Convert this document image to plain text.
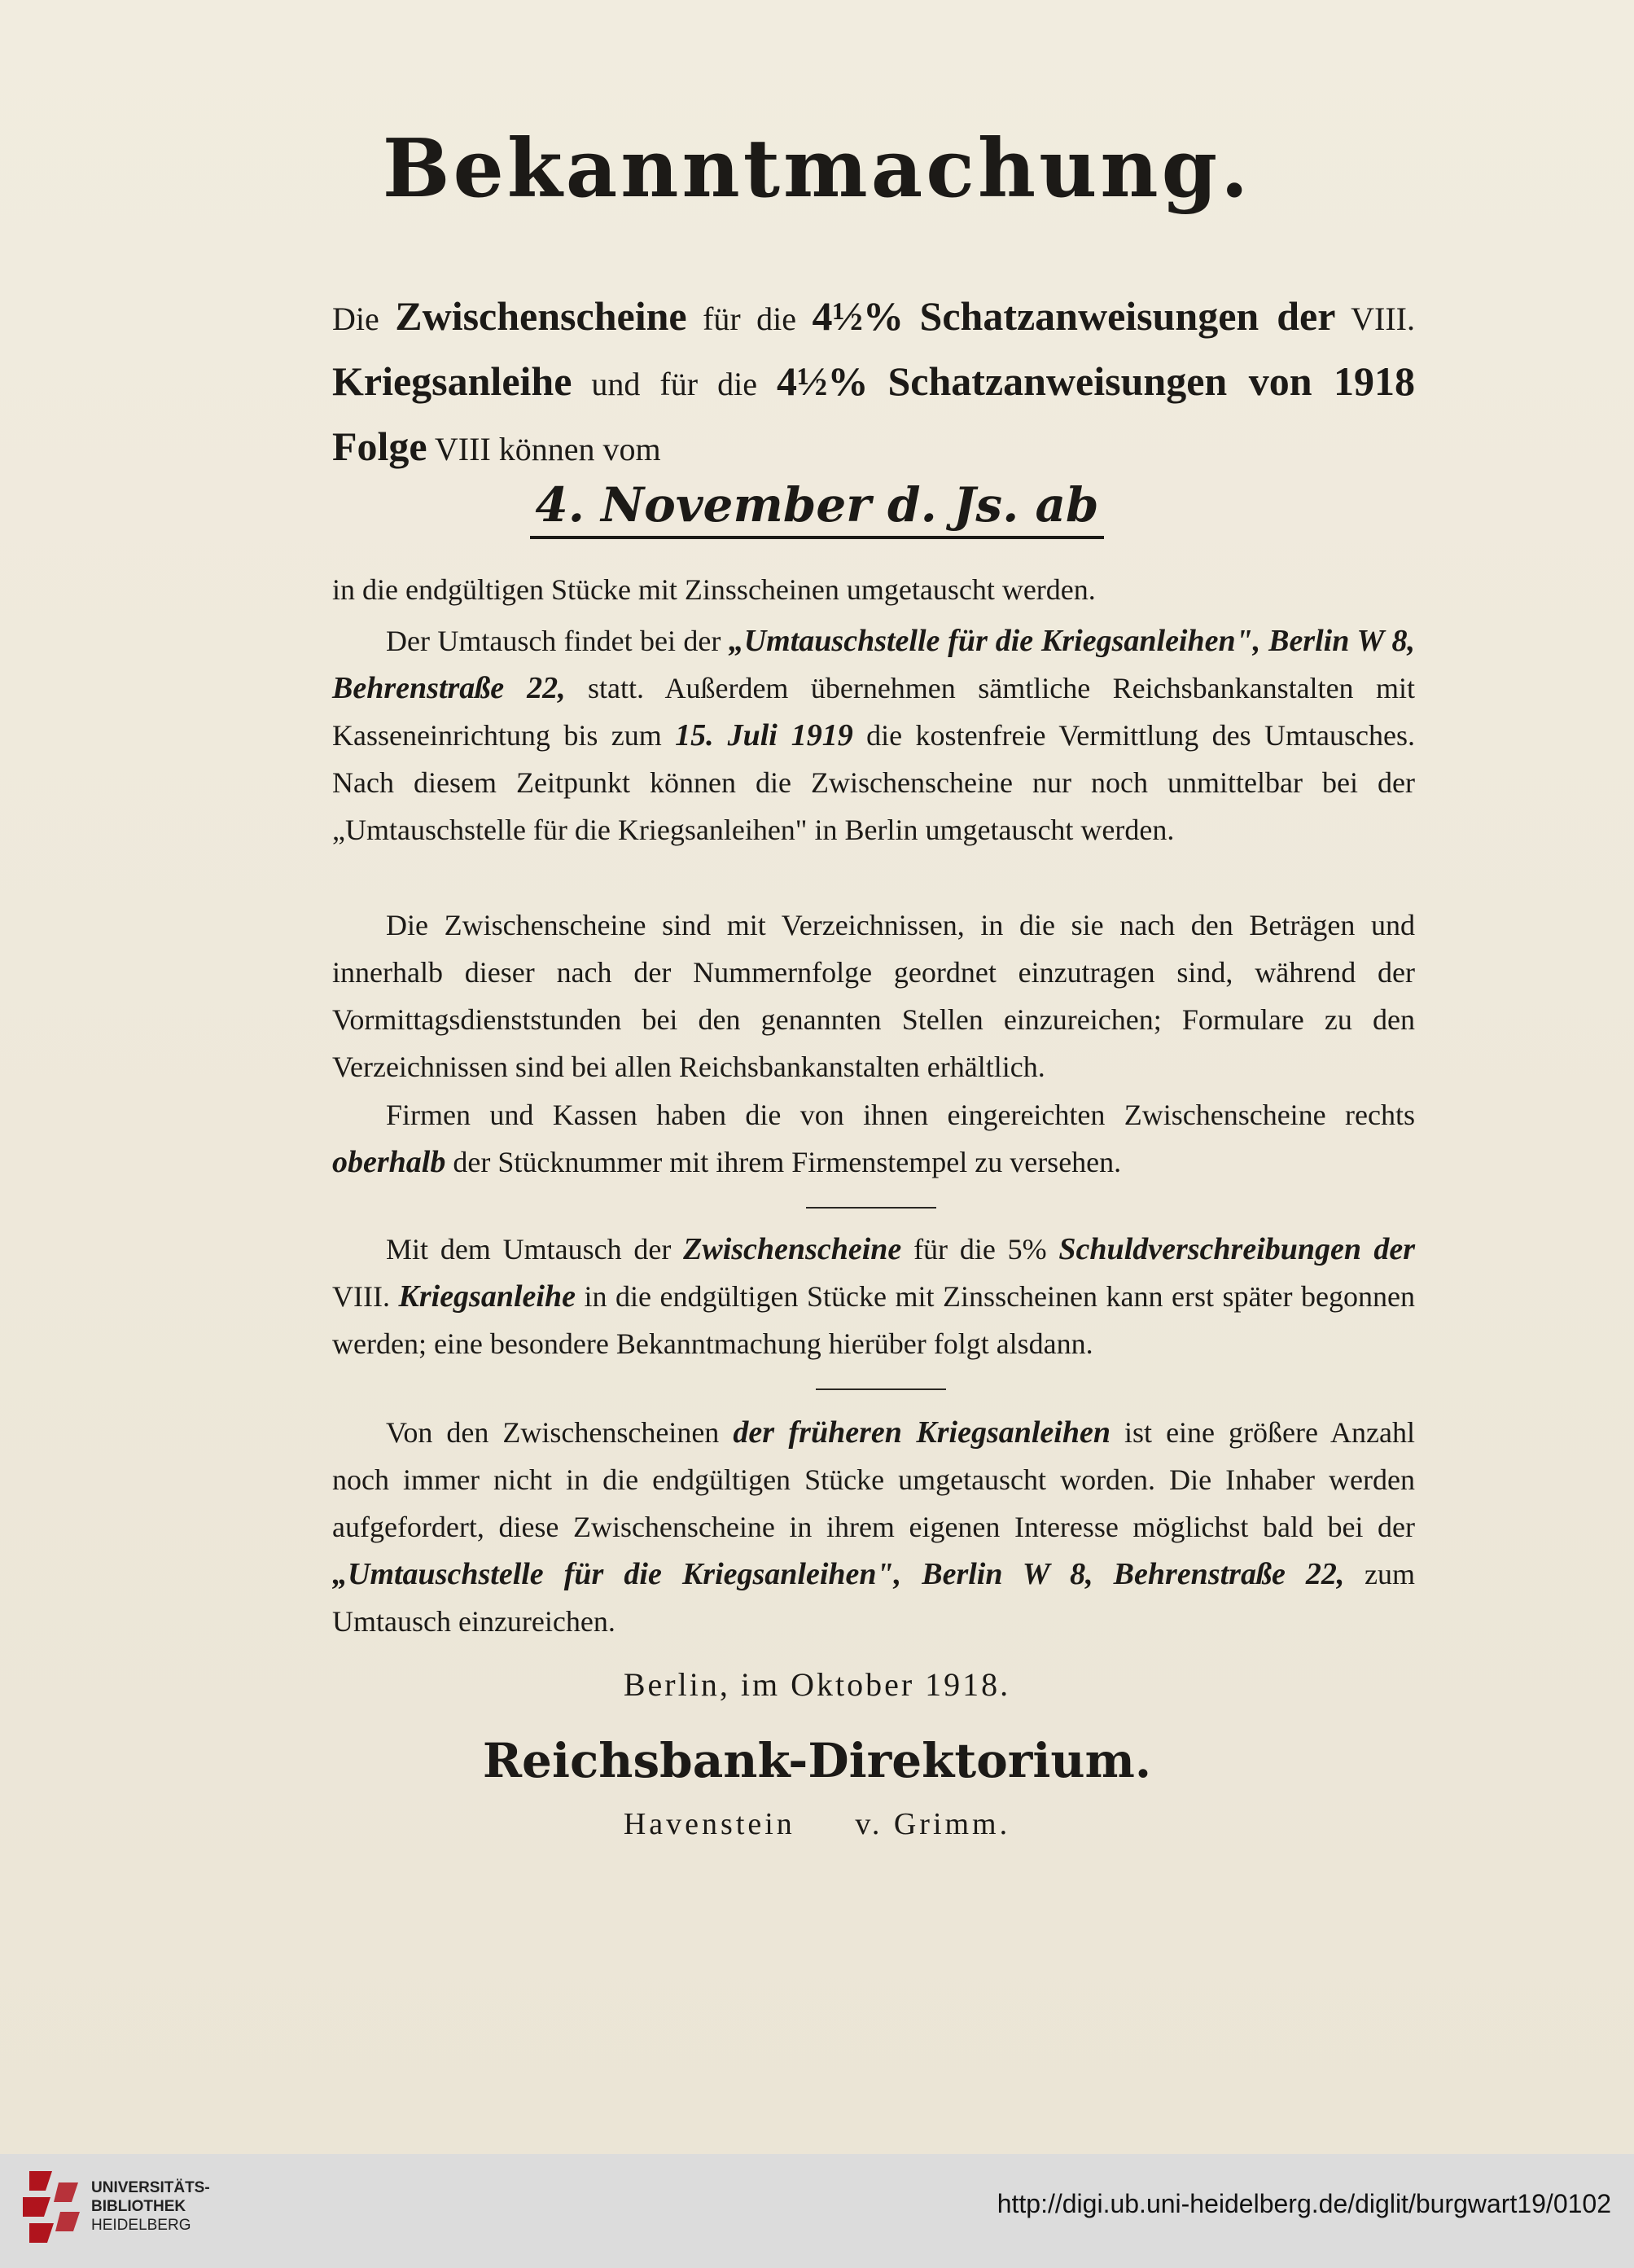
Bekanntmachung.
Die Zwischenscheine für die 4½% Schatzanweisungen der VIII. Kriegsanleihe und für die 4½% Schatzanweisungen von 1918 Folge VIII können vom
4. November d. Js. ab
in die endgültigen Stücke mit Zinsscheinen umgetauscht werden.
Der Umtausch findet bei der „Umtauschstelle für die Kriegsanleihen", Berlin W 8, Behrenstraße 22, statt. Außerdem übernehmen sämtliche Reichsbankanstalten mit Kasseneinrichtung bis zum 15. Juli 1919 die kostenfreie Vermittlung des Umtausches. Nach diesem Zeitpunkt können die Zwischenscheine nur noch unmittelbar bei der „Umtauschstelle für die Kriegsanleihen" in Berlin umgetauscht werden.
Die Zwischenscheine sind mit Verzeichnissen, in die sie nach den Beträgen und innerhalb dieser nach der Nummernfolge geordnet einzutragen sind, während der Vormittagsdienststunden bei den genannten Stellen einzureichen; Formulare zu den Verzeichnissen sind bei allen Reichsbankanstalten erhältlich.
Firmen und Kassen haben die von ihnen eingereichten Zwischenscheine rechts oberhalb der Stücknummer mit ihrem Firmenstempel zu versehen.
Mit dem Umtausch der Zwischenscheine für die 5% Schuldverschreibungen der VIII. Kriegsanleihe in die endgültigen Stücke mit Zinsscheinen kann erst später begonnen werden; eine besondere Bekanntmachung hierüber folgt alsdann.
Von den Zwischenscheinen der früheren Kriegsanleihen ist eine größere Anzahl noch immer nicht in die endgültigen Stücke umgetauscht worden. Die Inhaber werden aufgefordert, diese Zwischenscheine in ihrem eigenen Interesse möglichst bald bei der „Umtauschstelle für die Kriegsanleihen", Berlin W 8, Behrenstraße 22, zum Umtausch einzureichen.
Berlin, im Oktober 1918.
Reichsbank-Direktorium.
Havenstein v. Grimm.
UNIVERSITÄTS-
BIBLIOTHEK
HEIDELBERG
http://digi.ub.uni-heidelberg.de/diglit/burgwart19/0102
